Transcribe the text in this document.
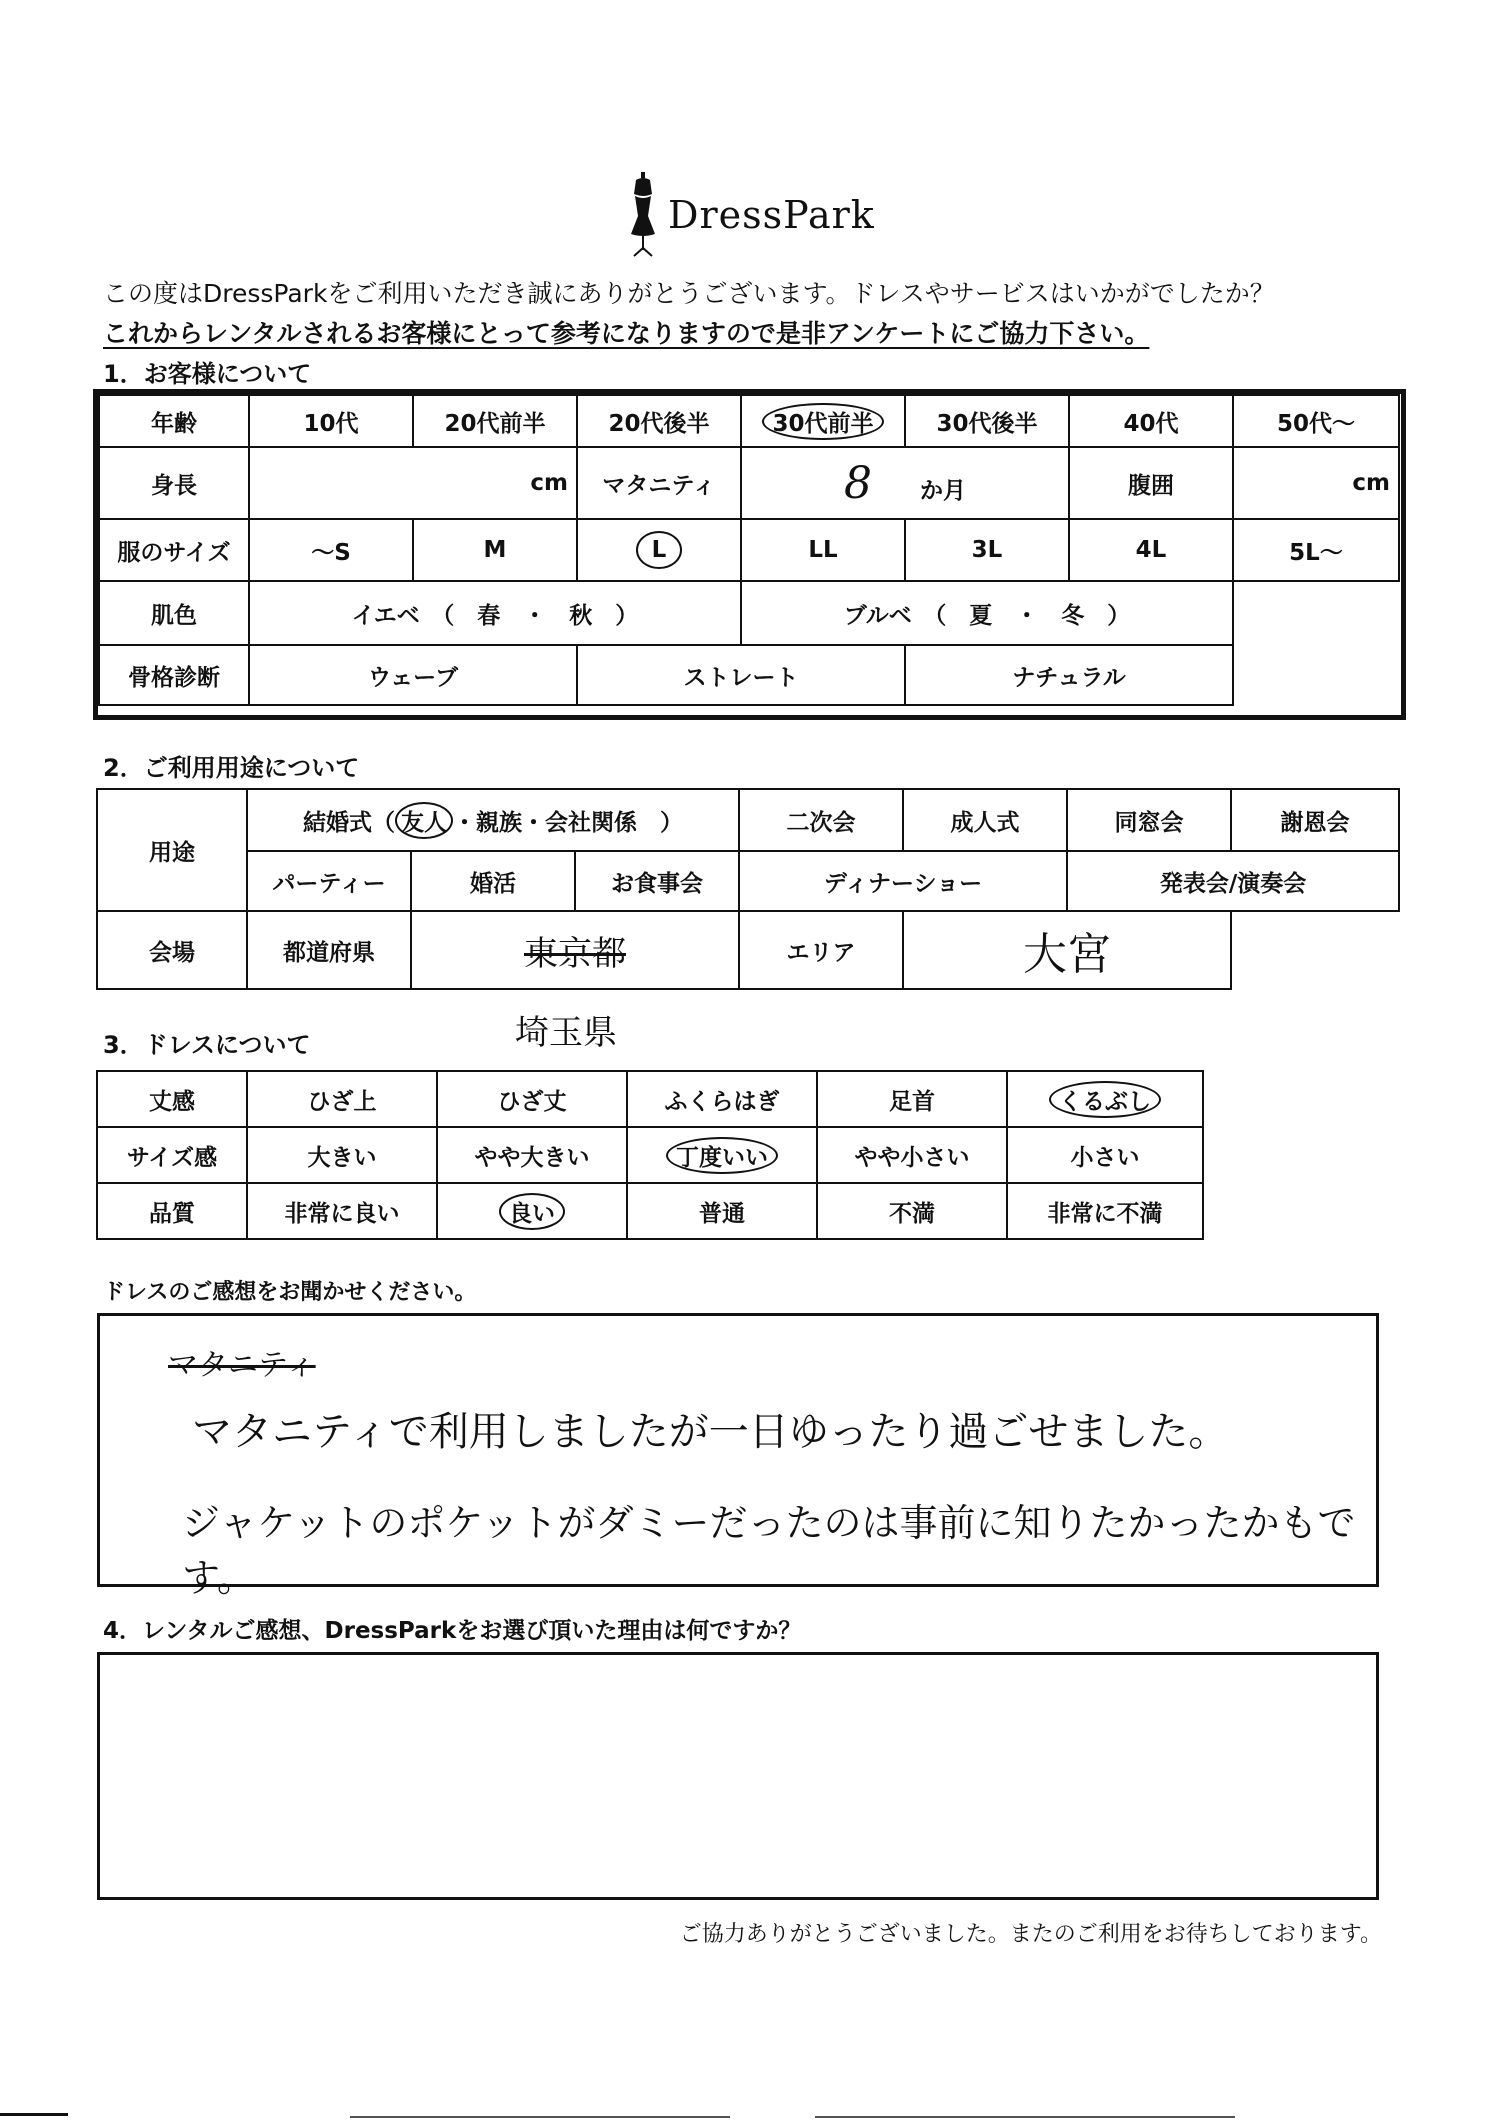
DressPark
この度はDressParkをご利用いただき誠にありがとうございます。ドレスやサービスはいかがでしたか？
これからレンタルされるお客様にとって参考になりますので是非アンケートにご協力下さい。
1．お客様について
年齢	10代	20代前半	20代後半	30代前半	30代後半	40代	50代～
身長	cm		マタニティ	8 か月		腹囲	cm
服のサイズ	～S	M	L	LL	3L	4L	5L～
肌色	イエベ　（　春　・　秋　）			ブルベ　（　夏　・　冬　）			
骨格診断	ウェーブ		ストレート		ナチュラル		
2．ご利用用途について
用途	結婚式（ 友人 ・親族・会社関係　）			二次会	成人式	同窓会	謝恩会
	パーティー	婚活	お食事会	ディナーショー		発表会/演奏会	
会場	都道府県	東京都		エリア	大宮		
埼玉県
3．ドレスについて
丈感	ひざ上	ひざ丈	ふくらはぎ	足首	くるぶし
サイズ感	大きい	やや大きい	丁度いい	やや小さい	小さい
品質	非常に良い	良い	普通	不満	非常に不満
ドレスのご感想をお聞かせください。
マタニティ
マタニティで利用しましたが一日ゆったり過ごせました。
ジャケットのポケットがダミーだったのは事前に知りたかったかもです。
4．レンタルご感想、DressParkをお選び頂いた理由は何ですか？
ご協力ありがとうございました。またのご利用をお待ちしております。
